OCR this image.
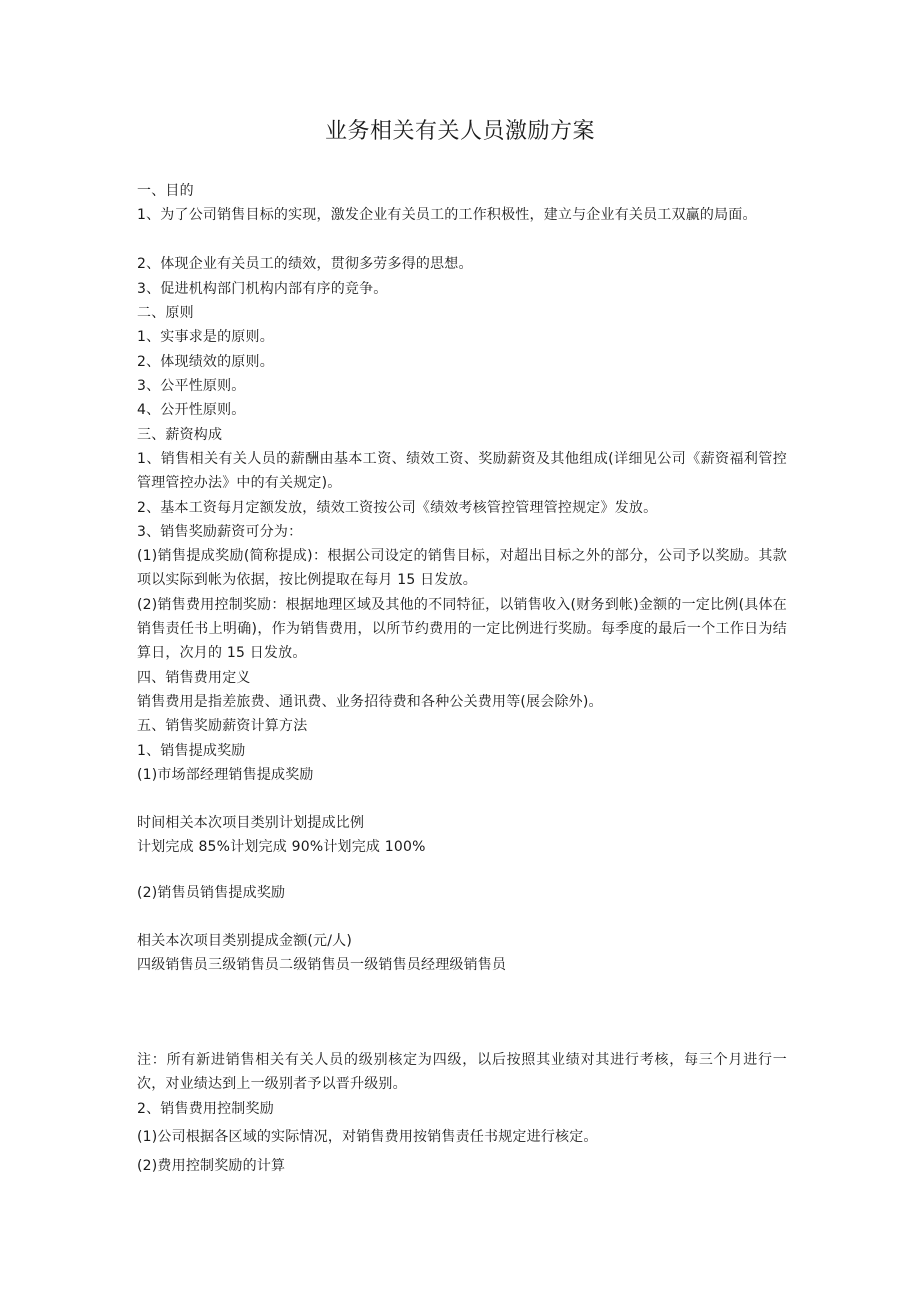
业务相关有关人员激励方案
一、目的
1、为了公司销售目标的实现，激发企业有关员工的工作积极性，建立与企业有关员工双赢的局面。
2、体现企业有关员工的绩效，贯彻多劳多得的思想。
3、促进机构部门机构内部有序的竞争。
二、原则
1、实事求是的原则。
2、体现绩效的原则。
3、公平性原则。
4、公开性原则。
三、薪资构成
1、销售相关有关人员的薪酬由基本工资、绩效工资、奖励薪资及其他组成(详细见公司《薪资福利管控管理管控办法》中的有关规定)。
2、基本工资每月定额发放，绩效工资按公司《绩效考核管控管理管控规定》发放。
3、销售奖励薪资可分为：
(1)销售提成奖励(简称提成)：根据公司设定的销售目标，对超出目标之外的部分，公司予以奖励。其款项以实际到帐为依据，按比例提取在每月 15 日发放。
(2)销售费用控制奖励：根据地理区域及其他的不同特征，以销售收入(财务到帐)金额的一定比例(具体在销售责任书上明确)，作为销售费用，以所节约费用的一定比例进行奖励。每季度的最后一个工作日为结算日，次月的 15 日发放。
四、销售费用定义
销售费用是指差旅费、通讯费、业务招待费和各种公关费用等(展会除外)。
五、销售奖励薪资计算方法
1、销售提成奖励
(1)市场部经理销售提成奖励
时间相关本次项目类别计划提成比例
计划完成 85%计划完成 90%计划完成 100%
(2)销售员销售提成奖励
相关本次项目类别提成金额(元/人)
四级销售员三级销售员二级销售员一级销售员经理级销售员
注：所有新进销售相关有关人员的级别核定为四级，以后按照其业绩对其进行考核，每三个月进行一次，对业绩达到上一级别者予以晋升级别。
2、销售费用控制奖励
(1)公司根据各区域的实际情况，对销售费用按销售责任书规定进行核定。
(2)费用控制奖励的计算
